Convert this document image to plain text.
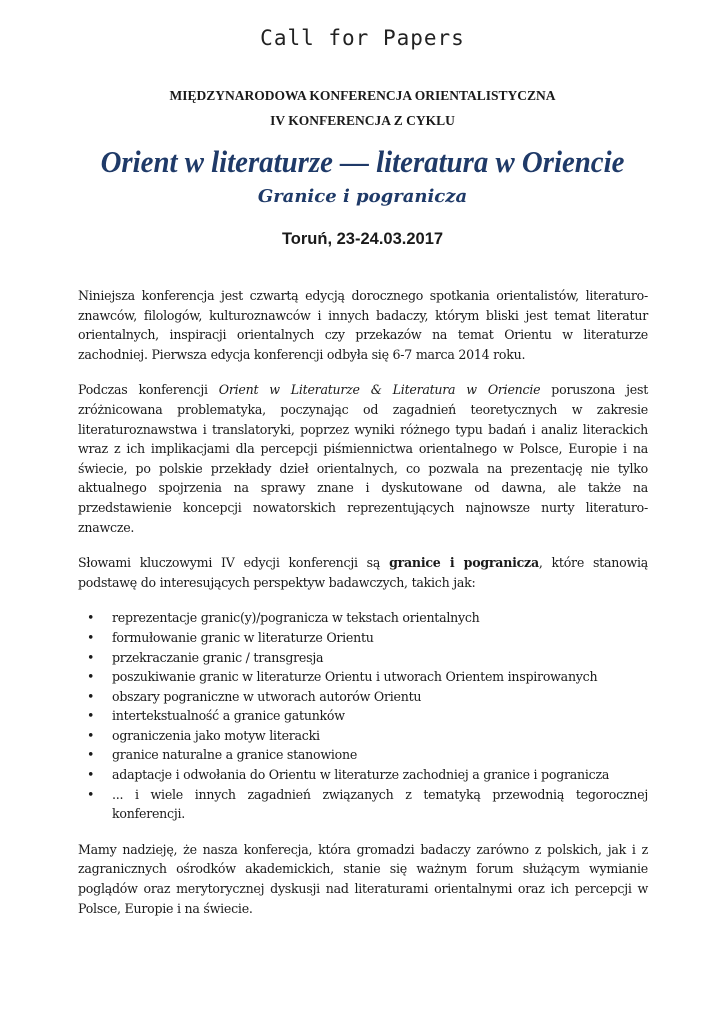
Call for Papers
MIĘDZYNARODOWA KONFERENCJA ORIENTALISTYCZNA
IV KONFERENCJA Z CYKLU
Orient w literaturze — literatura w Oriencie
Granice i pogranicza
Toruń, 23-24.03.2017

Niniejsza konferencja jest czwartą edycją dorocznego spotkania orientalistów, literaturo-znawców, filologów, kulturoznawców i innych badaczy, którym bliski jest temat literatur orientalnych, inspiracji orientalnych czy przekazów na temat Orientu w literaturze zachodniej. Pierwsza edycja konferencji odbyła się 6-7 marca 2014 roku.

Podczas konferencji Orient w Literaturze & Literatura w Oriencie poruszona jest zróżnicowana problematyka, poczynając od zagadnień teoretycznych w zakresie literaturoznawstwa i translatoryki, poprzez wyniki różnego typu badań i analiz literackich wraz z ich implikacjami dla percepcji piśmiennictwa orientalnego w Polsce, Europie i na świecie, po polskie przekłady dzieł orientalnych, co pozwala na prezentację nie tylko aktualnego spojrzenia na sprawy znane i dyskutowane od dawna, ale także na przedstawienie koncepcji nowatorskich reprezentujących najnowsze nurty literaturo-znawcze.

Słowami kluczowymi IV edycji konferencji są granice i pogranicza, które stanowią podstawę do interesujących perspektyw badawczych, takich jak:

• reprezentacje granic(y)/pogranicza w tekstach orientalnych
• formułowanie granic w literaturze Orientu
• przekraczanie granic / transgresja
• poszukiwanie granic w literaturze Orientu i utworach Orientem inspirowanych
• obszary pograniczne w utworach autorów Orientu
• intertekstualność a granice gatunków
• ograniczenia jako motyw literacki
• granice naturalne a granice stanowione
• adaptacje i odwołania do Orientu w literaturze zachodniej a granice i pogranicza
• ... i wiele innych zagadnień związanych z tematyką przewodnią tegorocznej konferencji.

Mamy nadzieję, że nasza konferecja, która gromadzi badaczy zarówno z polskich, jak i z zagranicznych ośrodków akademickich, stanie się ważnym forum służącym wymianie poglądów oraz merytorycznej dyskusji nad literaturami orientalnymi oraz ich percepcji w Polsce, Europie i na świecie.
